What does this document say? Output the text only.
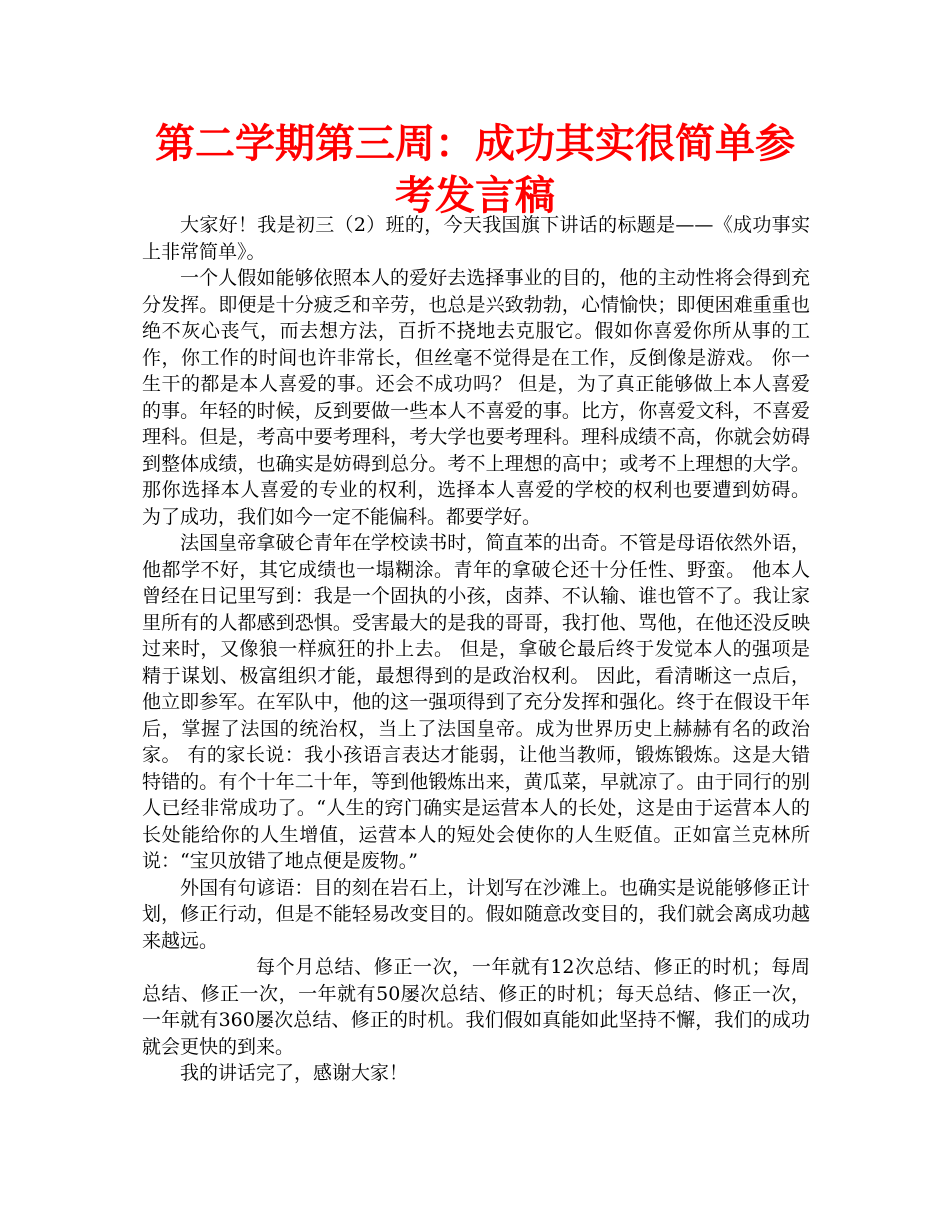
第二学期第三周：成功其实很简单参考发言稿

大家好！我是初三（2）班的，今天我国旗下讲话的标题是——《成功事实上非常简单》。

一个人假如能够依照本人的爱好去选择事业的目的，他的主动性将会得到充分发挥。即便是十分疲乏和辛劳，也总是兴致勃勃，心情愉快；即便困难重重也绝不灰心丧气，而去想方法，百折不挠地去克服它。假如你喜爱你所从事的工作，你工作的时间也许非常长，但丝毫不觉得是在工作，反倒像是游戏。 你一生干的都是本人喜爱的事。还会不成功吗？ 但是，为了真正能够做上本人喜爱的事。年轻的时候，反到要做一些本人不喜爱的事。比方，你喜爱文科，不喜爱理科。但是，考高中要考理科，考大学也要考理科。理科成绩不高，你就会妨碍到整体成绩，也确实是妨碍到总分。考不上理想的高中；或考不上理想的大学。 那你选择本人喜爱的专业的权利，选择本人喜爱的学校的权利也要遭到妨碍。 为了成功，我们如今一定不能偏科。都要学好。

法国皇帝拿破仑青年在学校读书时，简直苯的出奇。不管是母语依然外语，他都学不好，其它成绩也一塌糊涂。青年的拿破仑还十分任性、野蛮。 他本人曾经在日记里写到：我是一个固执的小孩，卤莽、不认输、谁也管不了。我让家里所有的人都感到恐惧。受害最大的是我的哥哥，我打他、骂他，在他还没反映过来时，又像狼一样疯狂的扑上去。 但是，拿破仑最后终于发觉本人的强项是精于谋划、极富组织才能，最想得到的是政治权利。 因此，看清晰这一点后，他立即参军。在军队中，他的这一强项得到了充分发挥和强化。终于在假设干年后，掌握了法国的统治权，当上了法国皇帝。成为世界历史上赫赫有名的政治家。 有的家长说：我小孩语言表达才能弱，让他当教师，锻炼锻炼。这是大错特错的。有个十年二十年，等到他锻炼出来，黄瓜菜，早就凉了。由于同行的别人已经非常成功了。“人生的窍门确实是运营本人的长处，这是由于运营本人的长处能给你的人生增值，运营本人的短处会使你的人生贬值。正如富兰克林所说：“宝贝放错了地点便是废物。”

外国有句谚语：目的刻在岩石上，计划写在沙滩上。也确实是说能够修正计划，修正行动，但是不能轻易改变目的。假如随意改变目的，我们就会离成功越来越远。

每个月总结、修正一次，一年就有12次总结、修正的时机；每周总结、修正一次，一年就有50屡次总结、修正的时机；每天总结、修正一次，一年就有360屡次总结、修正的时机。我们假如真能如此坚持不懈，我们的成功就会更快的到来。

我的讲话完了，感谢大家！
